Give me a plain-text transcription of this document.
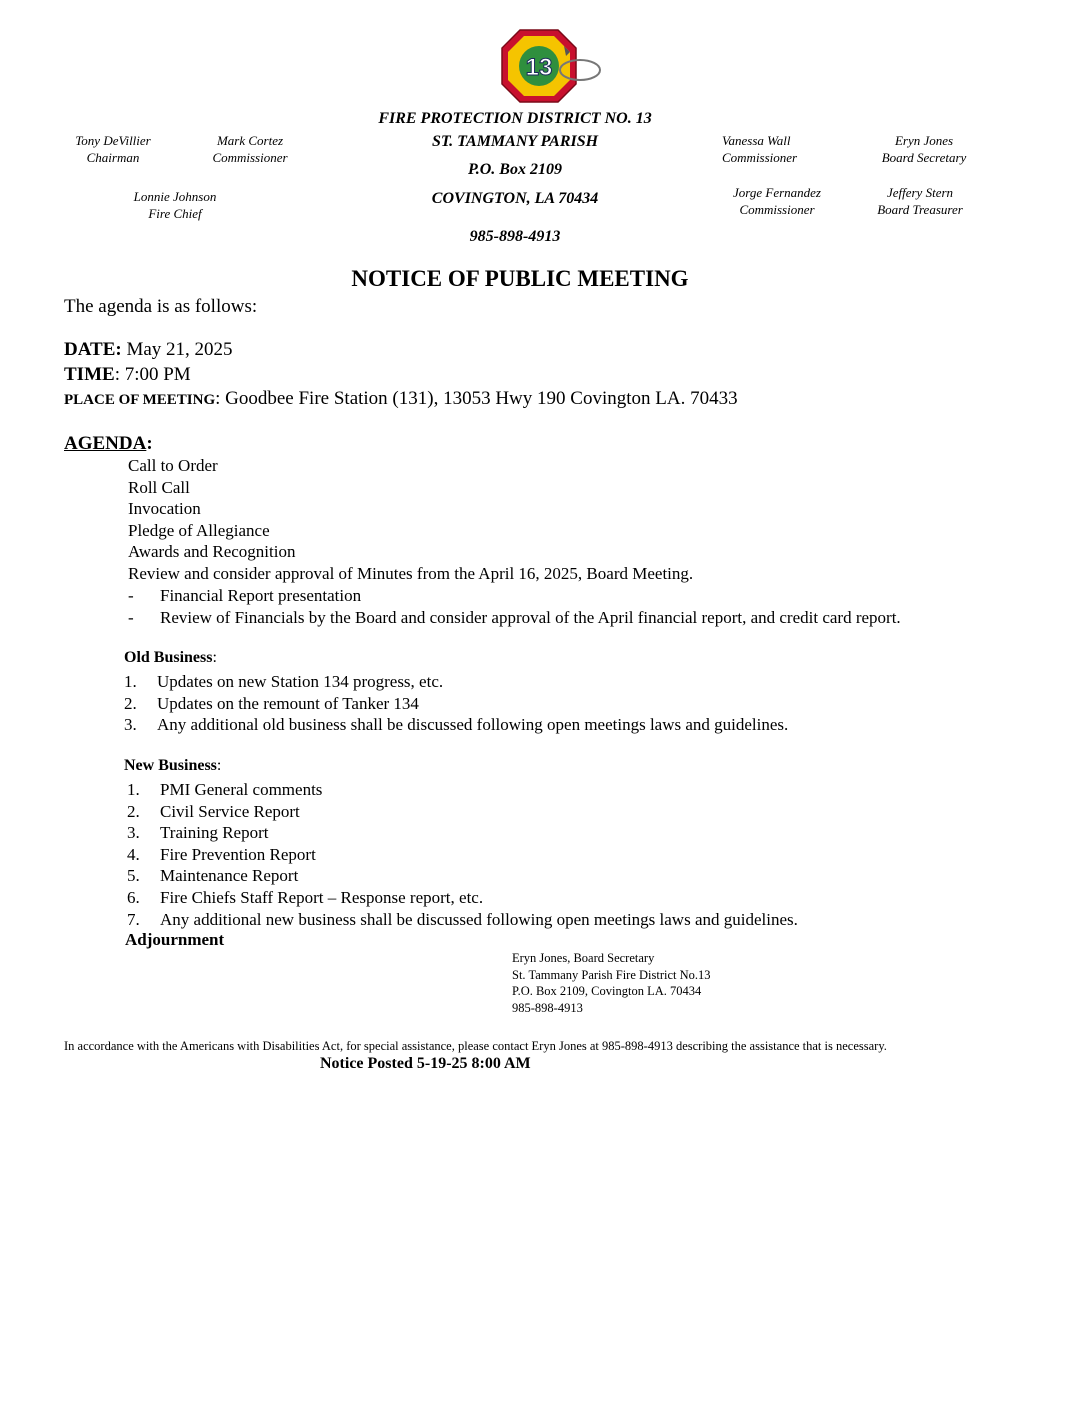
13
Tony DeVillier
Chairman
Mark Cortez
Commissioner
Lonnie Johnson
Fire Chief
FIRE PROTECTION DISTRICT NO. 13
ST. TAMMANY PARISH
P.O. Box 2109
COVINGTON, LA 70434
985-898-4913
Vanessa Wall
Commissioner
Eryn Jones
Board Secretary
Jorge Fernandez
Commissioner
Jeffery Stern
Board Treasurer
NOTICE OF PUBLIC MEETING
The agenda is as follows:
DATE: May 21, 2025
TIME: 7:00 PM
PLACE OF MEETING: Goodbee Fire Station (131), 13053 Hwy 190 Covington LA. 70433
AGENDA:
Call to Order
Roll Call
Invocation
Pledge of Allegiance
Awards and Recognition
Review and consider approval of Minutes from the April 16, 2025, Board Meeting.
- Financial Report presentation
- Review of Financials by the Board and consider approval of the April financial report, and credit card report.
Old Business:
1. Updates on new Station 134 progress, etc.
2. Updates on the remount of Tanker 134
3. Any additional old business shall be discussed following open meetings laws and guidelines.
New Business:
1. PMI General comments
2. Civil Service Report
3. Training Report
4. Fire Prevention Report
5. Maintenance Report
6. Fire Chiefs Staff Report – Response report, etc.
7. Any additional new business shall be discussed following open meetings laws and guidelines.
Adjournment
Eryn Jones, Board Secretary
St. Tammany Parish Fire District No.13
P.O. Box 2109, Covington LA. 70434
985-898-4913
In accordance with the Americans with Disabilities Act, for special assistance, please contact Eryn Jones at 985-898-4913 describing the assistance that is necessary.
Notice Posted 5-19-25 8:00 AM
